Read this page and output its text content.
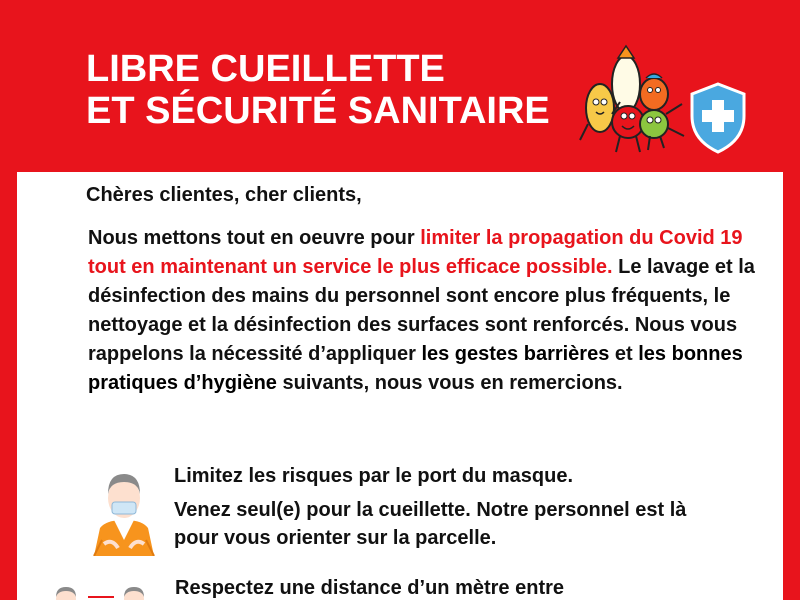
LIBRE CUEILLETTE
ET SÉCURITÉ SANITAIRE

Chères clientes, cher clients,

Nous mettons tout en oeuvre pour limiter la propagation du Covid 19 tout en maintenant un service le plus efficace possible. Le lavage et la désinfection des mains du personnel sont encore plus fréquents, le nettoyage et la désinfection des surfaces sont renforcés. Nous vous rappelons la nécessité d’appliquer les gestes barrières et les bonnes pratiques d’hygiène suivants, nous vous en remercions.

Limitez les risques par le port du masque.

Venez seul(e) pour la cueillette. Notre personnel est là pour vous orienter sur la parcelle.

Respectez une distance d’un mètre entre
